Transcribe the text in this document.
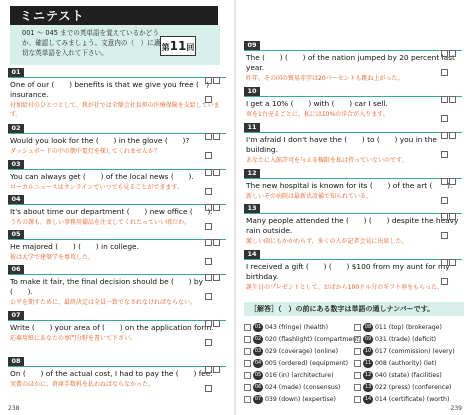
ミニテスト
001 〜 045 までの英単語を覚えているかどうか、確認してみましょう。文意内の（　）に適切な英単語を入れて下さい。
第11回
01
One of our (　　) benefits is that we give you free (　) insurance.
付加給付のひとつとして、我が社では全額会社負担の医療保険を支給しています。
02
Would you look for the (　　) in the glove (　　)?
ダッシュボードの中の懐中電灯を探してくれませんか？
03
You can always get (　　) of the local news (　　).
ローカルニュースはオンラインでいつでも見ることができます。
04
It's about time our department (　　) new office (　　).
うちの課も、新しい事務用備品を注文してくれたっていい頃だわ。
05
He majored (　　) (　　) in college.
彼は大学で建築学を専攻した。
06
To make it fair, the final decision should be (　　) by (　　).
公平を期すために、最終決定は全員一致でなされなければならない。
07
Write (　　) your area of (　　) on the application form.
応募用紙にあなたの専門分野を書いて下さい。
08
On (　　) of the actual cost, I had to pay the (　　) fee.
実費のほかに、倉庫手数料を払わねばならなかった。
238
09
The (　　) (　　) of the nation jumped by 20 percent last year.
昨年、その国の貿易赤字は20パーセントも跳ね上がった。
10
I get a 10% (　　) with (　　) car I sell.
車を1台売るごとに、私には10%の歩合が入ります。
11
I'm afraid I don't have the (　　) to (　　) you in the building.
あなたに入館許可を与える権限を私は持っていないのです。
12
The new hospital is known for its (　　) of the art (　　).
新しいその病院は最新式設備で知られている。
13
Many people attended the (　　) (　　) despite the heavy rain outside.
激しい雨にもかかわらず、多くの人が記者会見に出席した。
14
I received a gift (　　) (　　) $100 from my aunt for my birthday.
誕生日のプレゼントとして、おばから100ドル分のギフト券をもらった。
［解答］（　）の前にある数字は単語の通しナンバーです。
01 043 (fringe) (health)
02 020 (flashlight) (compartment)
03 029 (coverage) (online)
04 005 (ordered) (equipment)
05 016 (in) (architecture)
06 024 (made) (consensus)
07 039 (down) (expertise)
08 011 (top) (brokerage)
09 031 (trade) (deficit)
10 017 (commission) (every)
11 008 (authority) (let)
12 040 (state) (facilities)
13 022 (press) (conference)
14 014 (certificate) (worth)
239
